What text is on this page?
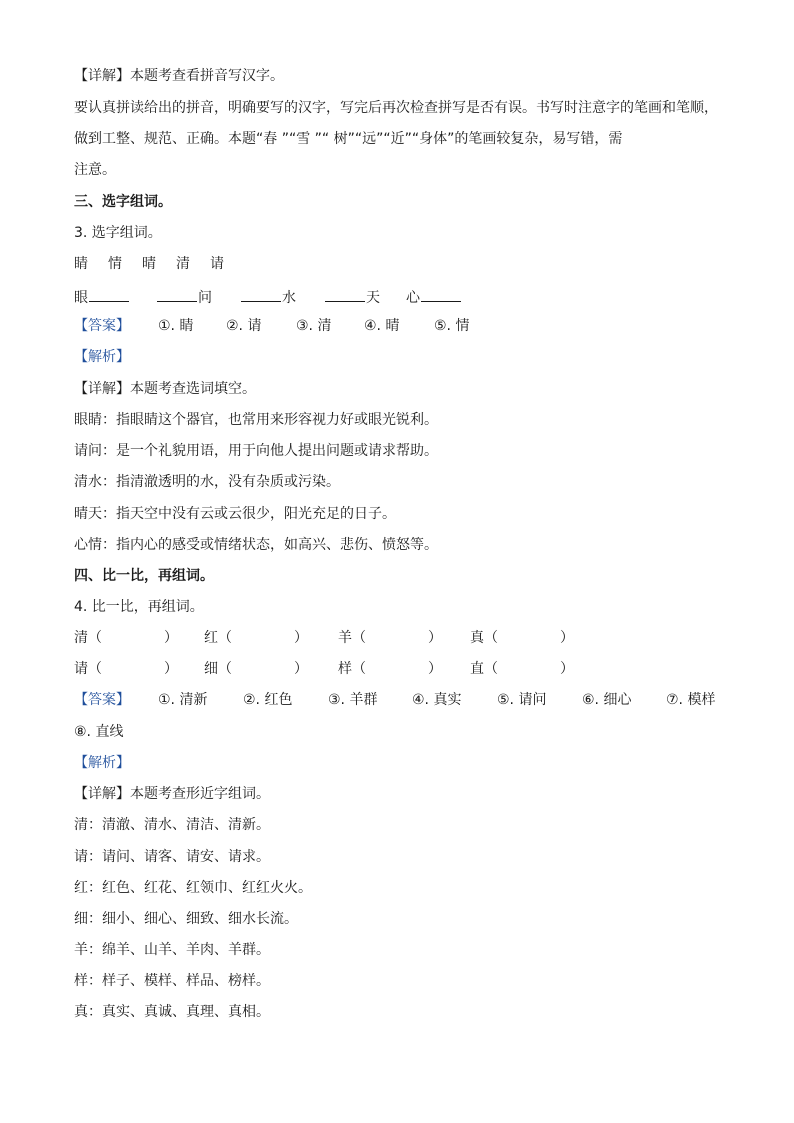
【详解】本题考查看拼音写汉字。
要认真拼读给出的拼音，明确要写的汉字，写完后再次检查拼写是否有误。书写时注意字的笔画和笔顺，
做到工整、规范、正确。本题“春 ”“雪 ”“ 树”“远”“近”“身体”的笔画较复杂，易写错，需
注意。
三、选字组词。
3. 选字组词。
睛 情 晴 清 请
眼	问	水	天 心
【答案】 ①. 睛 ②. 请 ③. 清 ④. 晴 ⑤. 情
【解析】
【详解】本题考查选词填空。
眼睛：指眼睛这个器官，也常用来形容视力好或眼光锐利。
请问：是一个礼貌用语，用于向他人提出问题或请求帮助。
清水：指清澈透明的水，没有杂质或污染。
晴天：指天空中没有云或云很少，阳光充足的日子。
心情：指内心的感受或情绪状态，如高兴、悲伤、愤怒等。
四、比一比，再组词。
4. 比一比，再组词。
清（	） 红（	） 羊（	） 真（	）
请（	） 细（	） 样（	） 直（	）
【答案】 ①. 清新	②. 红色	③. 羊群 ④. 真实	⑤. 请问	⑥. 细心 ⑦. 模样
⑧. 直线
【解析】
【详解】本题考查形近字组词。
清：清澈、清水、清洁、清新。
请：请问、请客、请安、请求。
红：红色、红花、红领巾、红红火火。
细：细小、细心、细致、细水长流。
羊：绵羊、山羊、羊肉、羊群。
样：样子、模样、样品、榜样。
真：真实、真诚、真理、真相。
